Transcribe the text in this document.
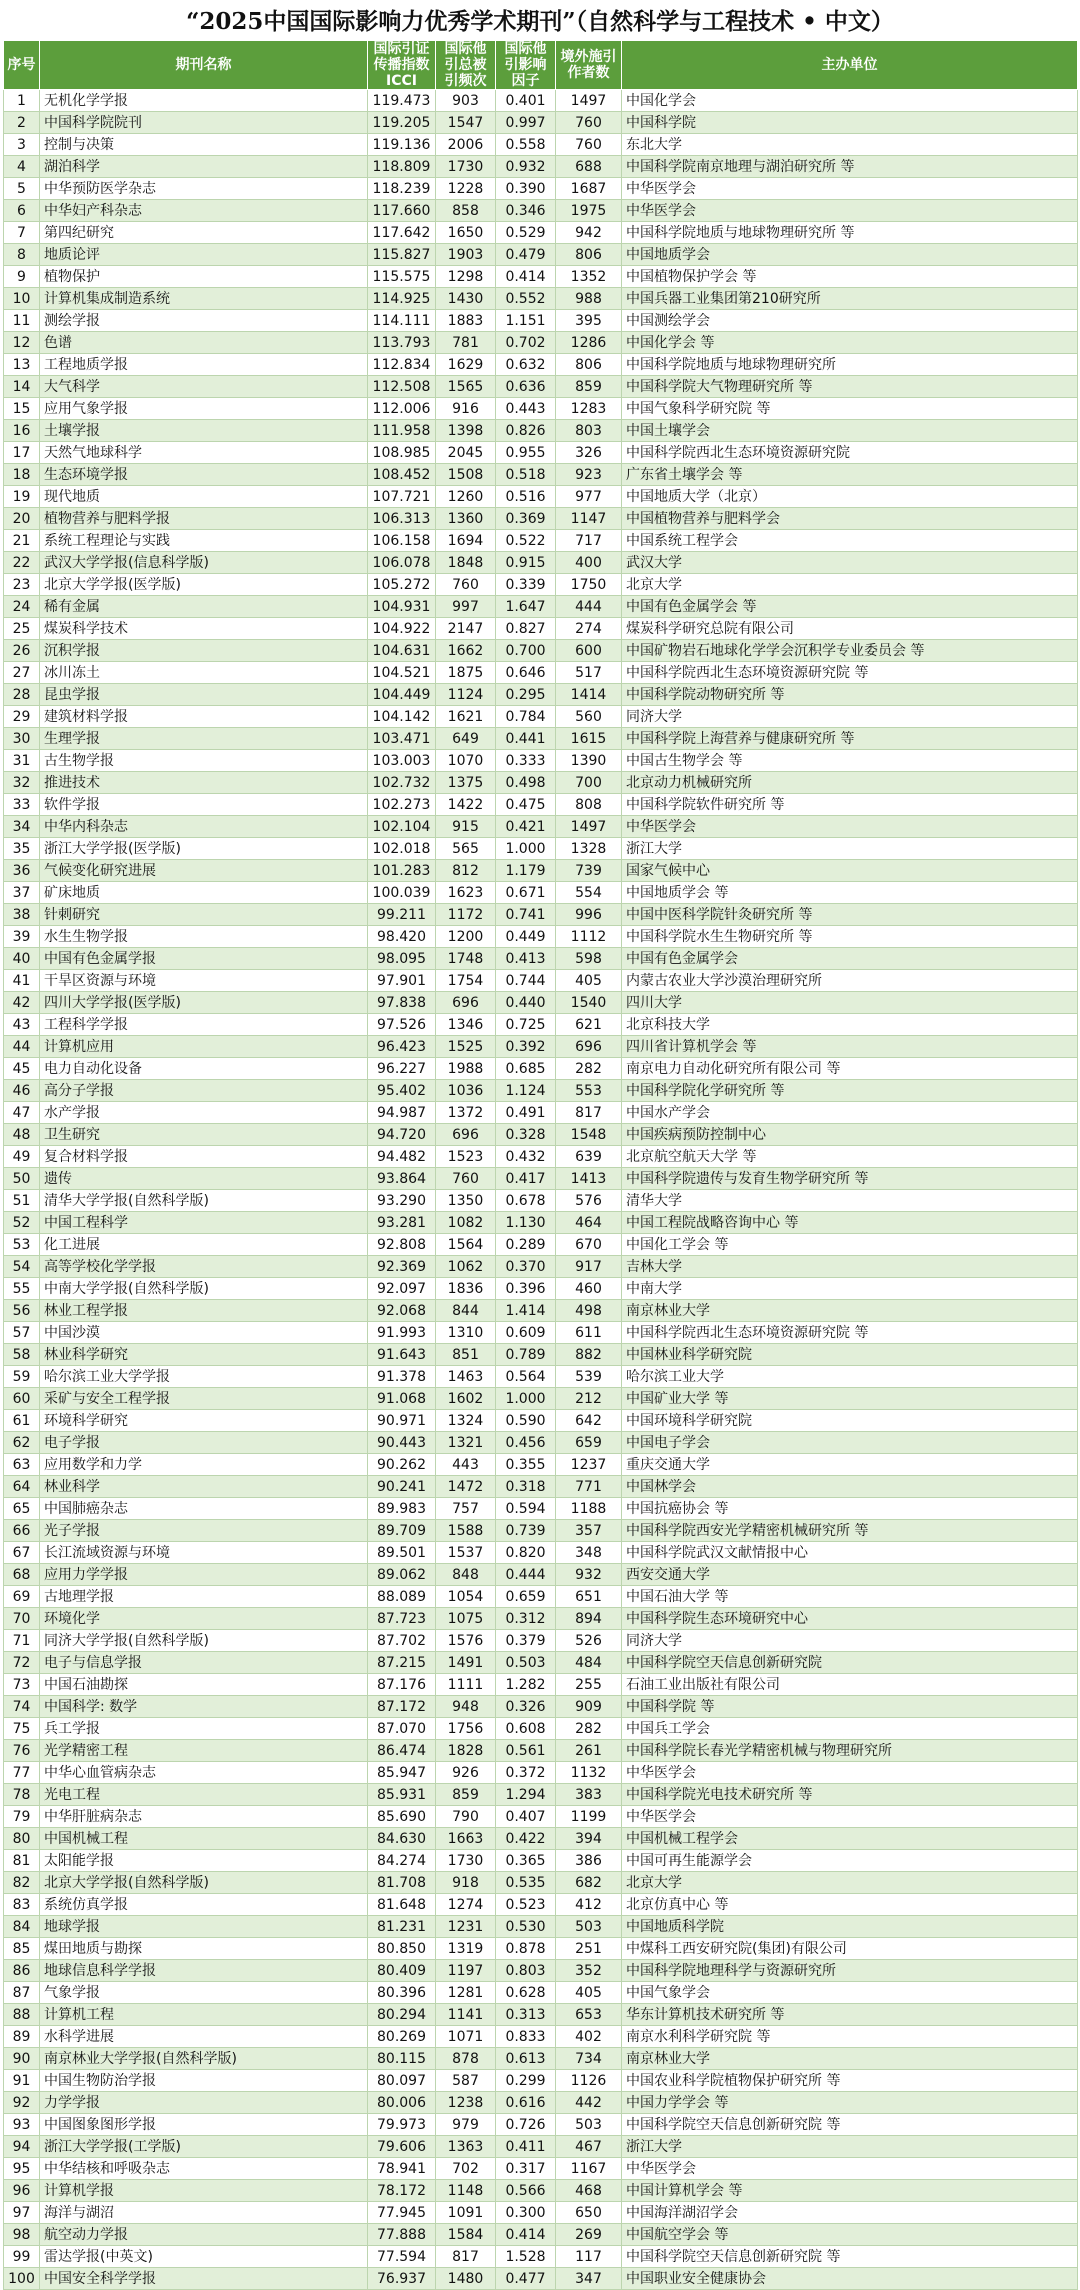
“2025中国国际影响力优秀学术期刊”（自然科学与工程技术 • 中文）
序号	期刊名称	国际引证传播指数ICCI	国际他引总被引频次	国际他引影响因子	境外施引作者数	主办单位
1	无机化学学报	119.473	903	0.401	1497	中国化学会
2	中国科学院院刊	119.205	1547	0.997	760	中国科学院
3	控制与决策	119.136	2006	0.558	760	东北大学
4	湖泊科学	118.809	1730	0.932	688	中国科学院南京地理与湖泊研究所 等
5	中华预防医学杂志	118.239	1228	0.390	1687	中华医学会
6	中华妇产科杂志	117.660	858	0.346	1975	中华医学会
7	第四纪研究	117.642	1650	0.529	942	中国科学院地质与地球物理研究所 等
8	地质论评	115.827	1903	0.479	806	中国地质学会
9	植物保护	115.575	1298	0.414	1352	中国植物保护学会 等
10	计算机集成制造系统	114.925	1430	0.552	988	中国兵器工业集团第210研究所
11	测绘学报	114.111	1883	1.151	395	中国测绘学会
12	色谱	113.793	781	0.702	1286	中国化学会 等
13	工程地质学报	112.834	1629	0.632	806	中国科学院地质与地球物理研究所
14	大气科学	112.508	1565	0.636	859	中国科学院大气物理研究所 等
15	应用气象学报	112.006	916	0.443	1283	中国气象科学研究院 等
16	土壤学报	111.958	1398	0.826	803	中国土壤学会
17	天然气地球科学	108.985	2045	0.955	326	中国科学院西北生态环境资源研究院
18	生态环境学报	108.452	1508	0.518	923	广东省土壤学会 等
19	现代地质	107.721	1260	0.516	977	中国地质大学（北京）
20	植物营养与肥料学报	106.313	1360	0.369	1147	中国植物营养与肥料学会
21	系统工程理论与实践	106.158	1694	0.522	717	中国系统工程学会
22	武汉大学学报(信息科学版)	106.078	1848	0.915	400	武汉大学
23	北京大学学报(医学版)	105.272	760	0.339	1750	北京大学
24	稀有金属	104.931	997	1.647	444	中国有色金属学会 等
25	煤炭科学技术	104.922	2147	0.827	274	煤炭科学研究总院有限公司
26	沉积学报	104.631	1662	0.700	600	中国矿物岩石地球化学学会沉积学专业委员会 等
27	冰川冻土	104.521	1875	0.646	517	中国科学院西北生态环境资源研究院 等
28	昆虫学报	104.449	1124	0.295	1414	中国科学院动物研究所 等
29	建筑材料学报	104.142	1621	0.784	560	同济大学
30	生理学报	103.471	649	0.441	1615	中国科学院上海营养与健康研究所 等
31	古生物学报	103.003	1070	0.333	1390	中国古生物学会 等
32	推进技术	102.732	1375	0.498	700	北京动力机械研究所
33	软件学报	102.273	1422	0.475	808	中国科学院软件研究所 等
34	中华内科杂志	102.104	915	0.421	1497	中华医学会
35	浙江大学学报(医学版)	102.018	565	1.000	1328	浙江大学
36	气候变化研究进展	101.283	812	1.179	739	国家气候中心
37	矿床地质	100.039	1623	0.671	554	中国地质学会 等
38	针刺研究	99.211	1172	0.741	996	中国中医科学院针灸研究所 等
39	水生生物学报	98.420	1200	0.449	1112	中国科学院水生生物研究所 等
40	中国有色金属学报	98.095	1748	0.413	598	中国有色金属学会
41	干旱区资源与环境	97.901	1754	0.744	405	内蒙古农业大学沙漠治理研究所
42	四川大学学报(医学版)	97.838	696	0.440	1540	四川大学
43	工程科学学报	97.526	1346	0.725	621	北京科技大学
44	计算机应用	96.423	1525	0.392	696	四川省计算机学会 等
45	电力自动化设备	96.227	1988	0.685	282	南京电力自动化研究所有限公司 等
46	高分子学报	95.402	1036	1.124	553	中国科学院化学研究所 等
47	水产学报	94.987	1372	0.491	817	中国水产学会
48	卫生研究	94.720	696	0.328	1548	中国疾病预防控制中心
49	复合材料学报	94.482	1523	0.432	639	北京航空航天大学 等
50	遗传	93.864	760	0.417	1413	中国科学院遗传与发育生物学研究所 等
51	清华大学学报(自然科学版)	93.290	1350	0.678	576	清华大学
52	中国工程科学	93.281	1082	1.130	464	中国工程院战略咨询中心 等
53	化工进展	92.808	1564	0.289	670	中国化工学会 等
54	高等学校化学学报	92.369	1062	0.370	917	吉林大学
55	中南大学学报(自然科学版)	92.097	1836	0.396	460	中南大学
56	林业工程学报	92.068	844	1.414	498	南京林业大学
57	中国沙漠	91.993	1310	0.609	611	中国科学院西北生态环境资源研究院 等
58	林业科学研究	91.643	851	0.789	882	中国林业科学研究院
59	哈尔滨工业大学学报	91.378	1463	0.564	539	哈尔滨工业大学
60	采矿与安全工程学报	91.068	1602	1.000	212	中国矿业大学 等
61	环境科学研究	90.971	1324	0.590	642	中国环境科学研究院
62	电子学报	90.443	1321	0.456	659	中国电子学会
63	应用数学和力学	90.262	443	0.355	1237	重庆交通大学
64	林业科学	90.241	1472	0.318	771	中国林学会
65	中国肺癌杂志	89.983	757	0.594	1188	中国抗癌协会 等
66	光子学报	89.709	1588	0.739	357	中国科学院西安光学精密机械研究所 等
67	长江流域资源与环境	89.501	1537	0.820	348	中国科学院武汉文献情报中心
68	应用力学学报	89.062	848	0.444	932	西安交通大学
69	古地理学报	88.089	1054	0.659	651	中国石油大学 等
70	环境化学	87.723	1075	0.312	894	中国科学院生态环境研究中心
71	同济大学学报(自然科学版)	87.702	1576	0.379	526	同济大学
72	电子与信息学报	87.215	1491	0.503	484	中国科学院空天信息创新研究院
73	中国石油勘探	87.176	1111	1.282	255	石油工业出版社有限公司
74	中国科学: 数学	87.172	948	0.326	909	中国科学院 等
75	兵工学报	87.070	1756	0.608	282	中国兵工学会
76	光学精密工程	86.474	1828	0.561	261	中国科学院长春光学精密机械与物理研究所
77	中华心血管病杂志	85.947	926	0.372	1132	中华医学会
78	光电工程	85.931	859	1.294	383	中国科学院光电技术研究所 等
79	中华肝脏病杂志	85.690	790	0.407	1199	中华医学会
80	中国机械工程	84.630	1663	0.422	394	中国机械工程学会
81	太阳能学报	84.274	1730	0.365	386	中国可再生能源学会
82	北京大学学报(自然科学版)	81.708	918	0.535	682	北京大学
83	系统仿真学报	81.648	1274	0.523	412	北京仿真中心 等
84	地球学报	81.231	1231	0.530	503	中国地质科学院
85	煤田地质与勘探	80.850	1319	0.878	251	中煤科工西安研究院(集团)有限公司
86	地球信息科学学报	80.409	1197	0.803	352	中国科学院地理科学与资源研究所
87	气象学报	80.396	1281	0.628	405	中国气象学会
88	计算机工程	80.294	1141	0.313	653	华东计算机技术研究所 等
89	水科学进展	80.269	1071	0.833	402	南京水利科学研究院 等
90	南京林业大学学报(自然科学版)	80.115	878	0.613	734	南京林业大学
91	中国生物防治学报	80.097	587	0.299	1126	中国农业科学院植物保护研究所 等
92	力学学报	80.006	1238	0.616	442	中国力学学会 等
93	中国图象图形学报	79.973	979	0.726	503	中国科学院空天信息创新研究院 等
94	浙江大学学报(工学版)	79.606	1363	0.411	467	浙江大学
95	中华结核和呼吸杂志	78.941	702	0.317	1167	中华医学会
96	计算机学报	78.172	1148	0.566	468	中国计算机学会 等
97	海洋与湖沼	77.945	1091	0.300	650	中国海洋湖沼学会
98	航空动力学报	77.888	1584	0.414	269	中国航空学会 等
99	雷达学报(中英文)	77.594	817	1.528	117	中国科学院空天信息创新研究院 等
100	中国安全科学学报	76.937	1480	0.477	347	中国职业安全健康协会
